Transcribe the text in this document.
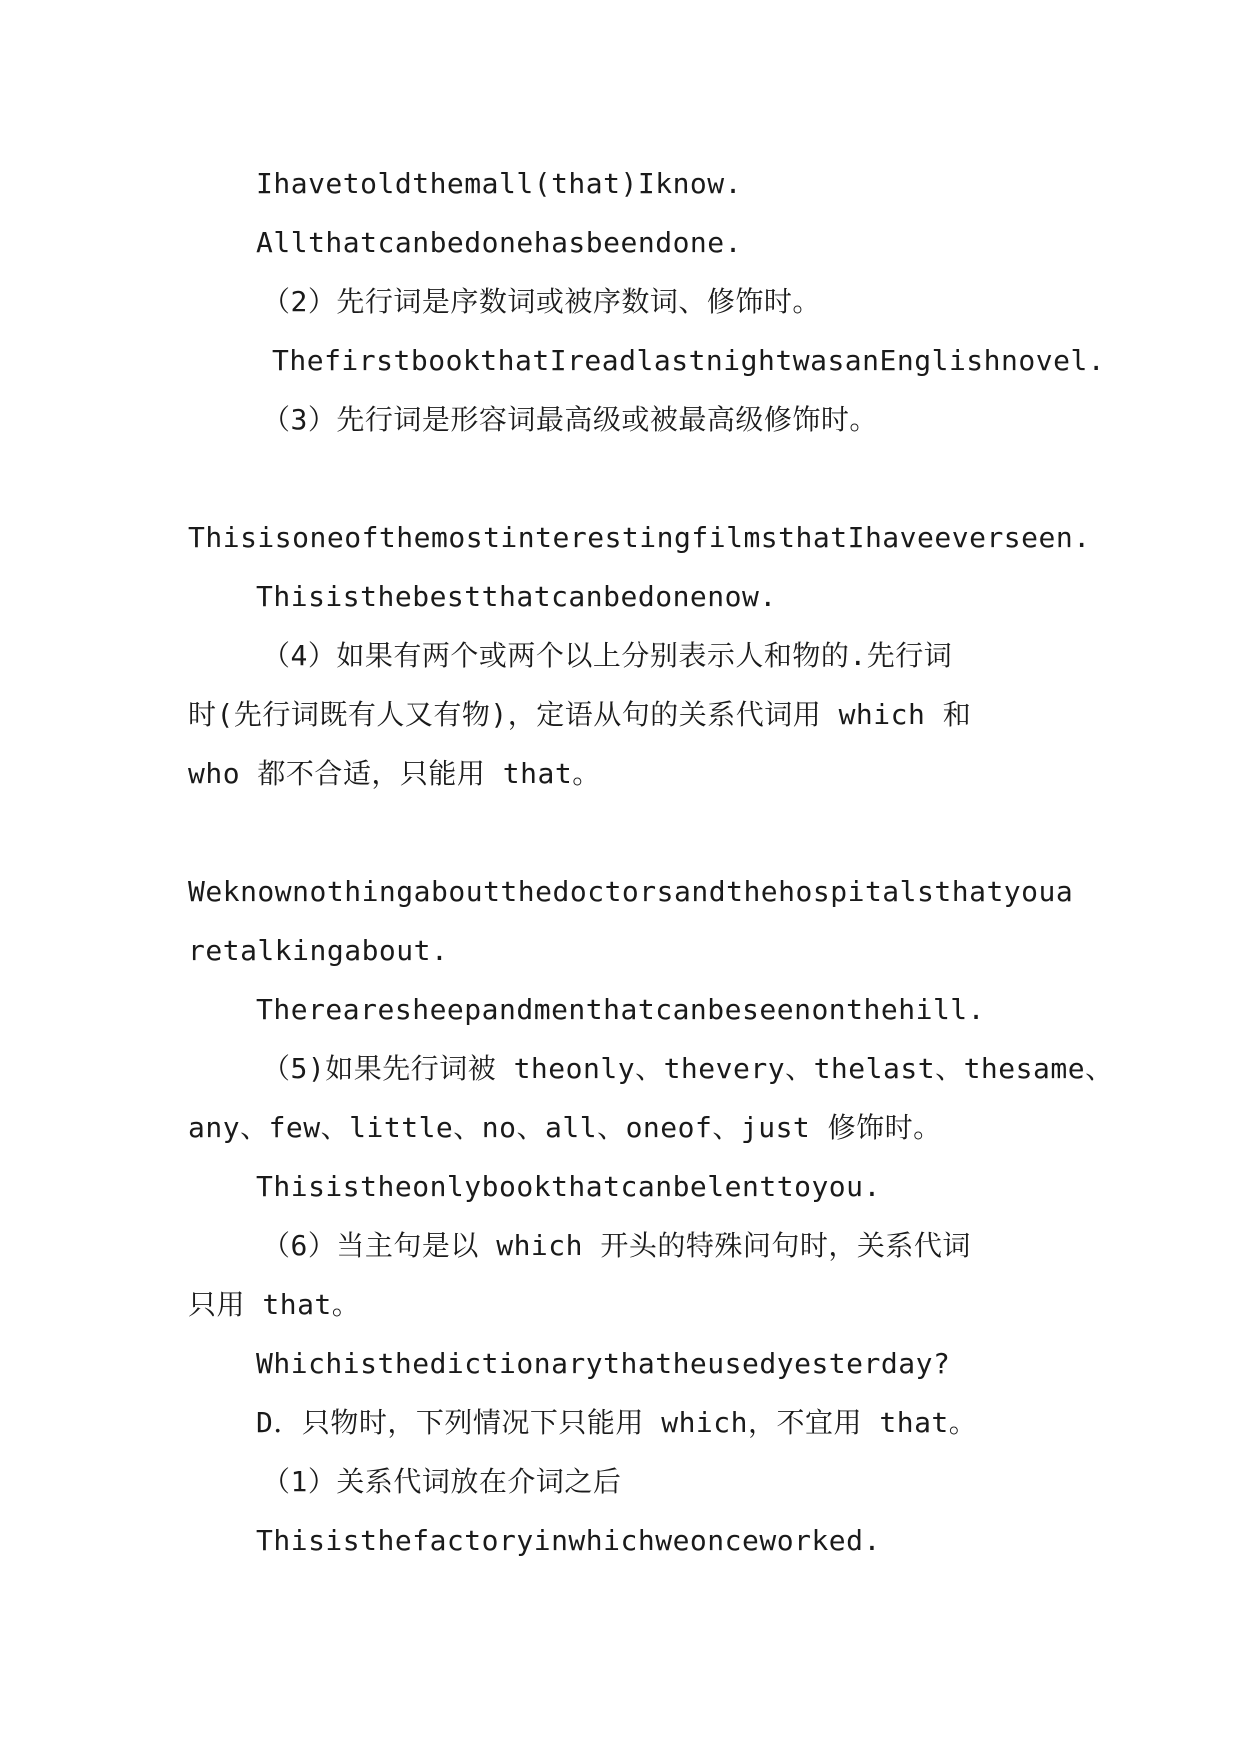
Ihavetoldthemall(that)Iknow.
Allthatcanbedonehasbeendone.
（2）先行词是序数词或被序数词、修饰时。
ThefirstbookthatIreadlastnightwasanEnglishnovel.
（3）先行词是形容词最高级或被最高级修饰时。
ThisisoneofthemostinterestingfilmsthatIhaveeverseen.
Thisisthebestthatcanbedonenow.
（4）如果有两个或两个以上分别表示人和物的.先行词
时(先行词既有人又有物)，定语从句的关系代词用 which 和
who 都不合适，只能用 that。
Weknownothingaboutthedoctorsandthehospitalsthatyoua
retalkingabout.
Therearesheepandmenthatcanbeseenonthehill.
（5)如果先行词被 theonly、thevery、thelast、thesame、
any、few、little、no、all、oneof、just 修饰时。
Thisistheonlybookthatcanbelenttoyou.
（6）当主句是以 which 开头的特殊问句时，关系代词
只用 that。
Whichisthedictionarythatheusedyesterday?
D．只物时，下列情况下只能用 which，不宜用 that。
（1）关系代词放在介词之后
Thisisthefactoryinwhichweonceworked.
